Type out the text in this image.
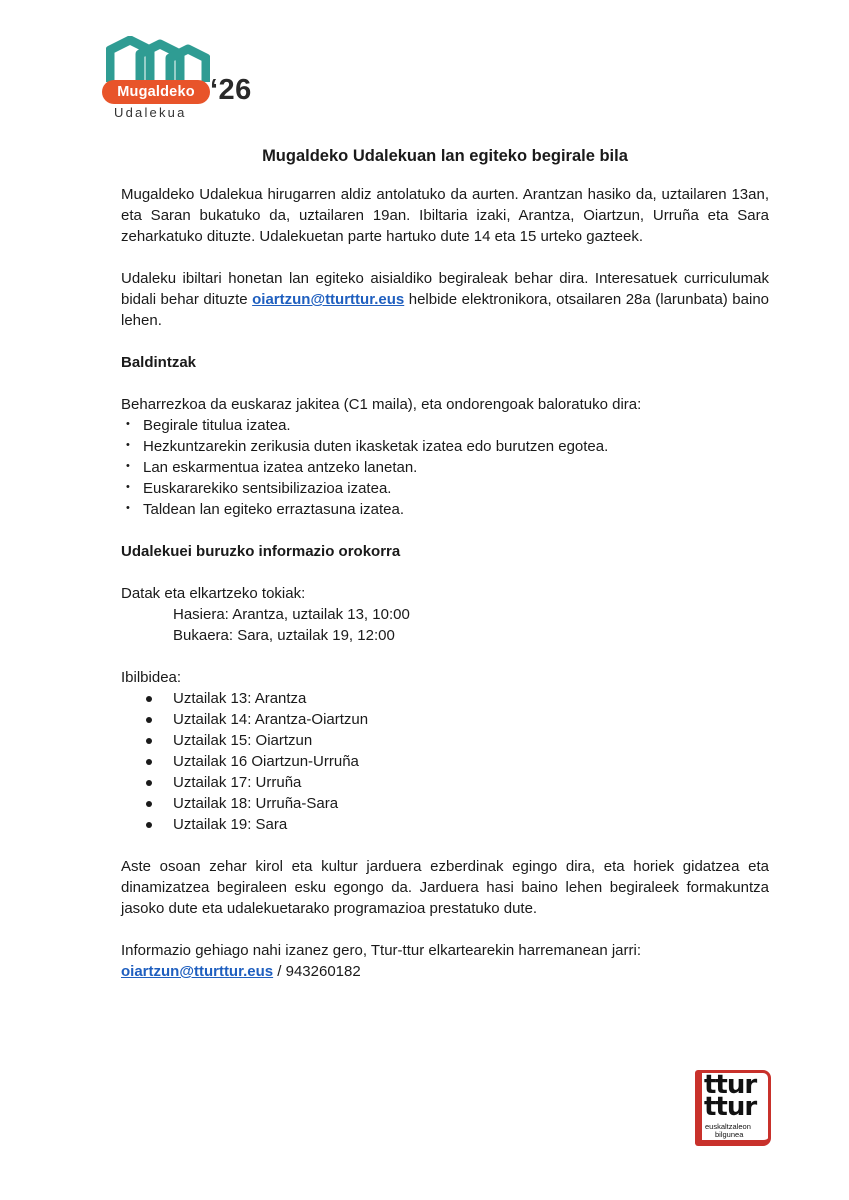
Mugaldeko ‘26
Udalekua
Mugaldeko Udalekuan lan egiteko begirale bila

Mugaldeko Udalekua hirugarren aldiz antolatuko da aurten. Arantzan hasiko da, uztailaren 13an, eta Saran bukatuko da, uztailaren 19an. Ibiltaria izaki, Arantza, Oiartzun, Urruña eta Sara zeharkatuko dituzte. Udalekuetan parte hartuko dute 14 eta 15 urteko gazteek.

Udaleku ibiltari honetan lan egiteko aisialdiko begiraleak behar dira. Interesatuek curriculumak bidali behar dituzte oiartzun@tturttur.eus helbide elektronikora, otsailaren 28a (larunbata) baino lehen.

Baldintzak

Beharrezkoa da euskaraz jakitea (C1 maila), eta ondorengoak baloratuko dira:

• Begirale titulua izatea.
• Hezkuntzarekin zerikusia duten ikasketak izatea edo burutzen egotea.
• Lan eskarmentua izatea antzeko lanetan.
• Euskararekiko sentsibilizazioa izatea.
• Taldean lan egiteko erraztasuna izatea.

Udalekuei buruzko informazio orokorra

Datak eta elkartzeko tokiak:

Hasiera: Arantza, uztailak 13, 10:00

Bukaera: Sara, uztailak 19, 12:00

Ibilbidea:

Uztailak 13: Arantza
Uztailak 14: Arantza-Oiartzun
Uztailak 15: Oiartzun
Uztailak 16 Oiartzun-Urruña
Uztailak 17: Urruña
Uztailak 18: Urruña-Sara
Uztailak 19: Sara

Aste osoan zehar kirol eta kultur jarduera ezberdinak egingo dira, eta horiek gidatzea eta dinamizatzea begiraleen esku egongo da. Jarduera hasi baino lehen begiraleek formakuntza jasoko dute eta udalekuetarako programazioa prestatuko dute.

Informazio gehiago nahi izanez gero, Ttur-ttur elkartearekin harremanean jarri:

oiartzun@tturttur.eus / 943260182

ttur
ttur
euskaltzaleon
bilgunea
